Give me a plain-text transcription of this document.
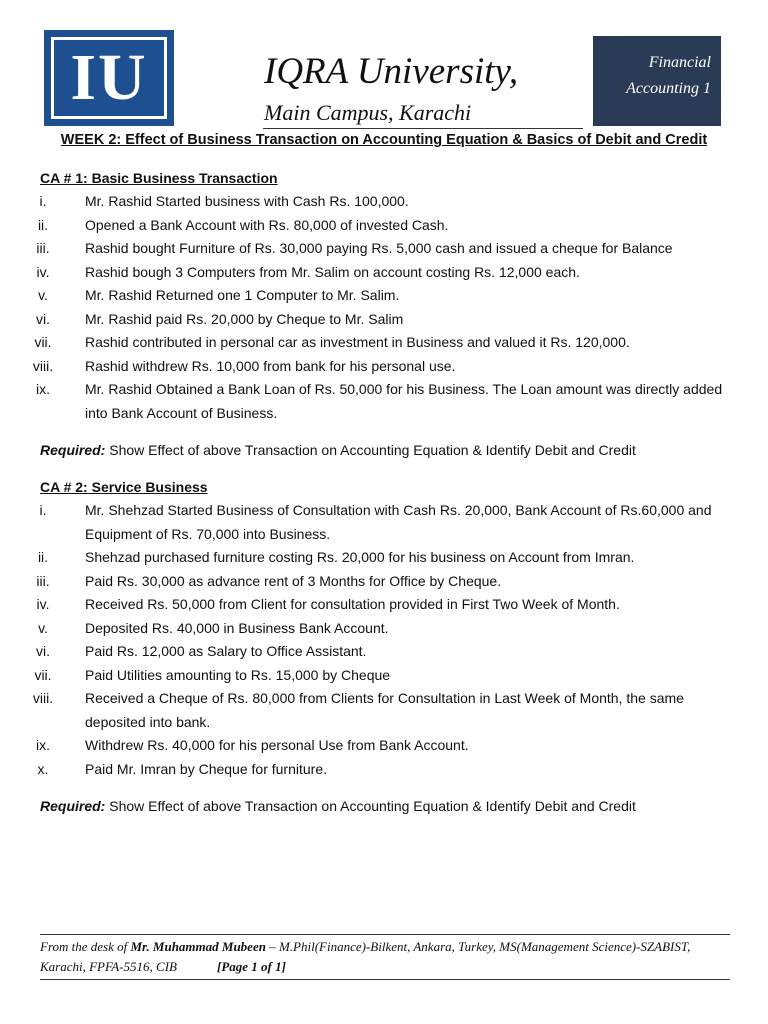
IU	IQRA University,
Main Campus, Karachi
Financial
Accounting 1
WEEK 2: Effect of Business Transaction on Accounting Equation & Basics of Debit and Credit
CA # 1: Basic Business Transaction
i.	Mr. Rashid Started business with Cash Rs. 100,000.
ii.	Opened a Bank Account with Rs. 80,000 of invested Cash.
iii.	Rashid bought Furniture of Rs. 30,000 paying Rs. 5,000 cash and issued a cheque for Balance
iv.	Rashid bough 3 Computers from Mr. Salim on account costing Rs. 12,000 each.
v.	Mr. Rashid Returned one 1 Computer to Mr. Salim.
vi.	Mr. Rashid paid Rs. 20,000 by Cheque to Mr. Salim
vii.	Rashid contributed in personal car as investment in Business and valued it Rs. 120,000.
viii.	Rashid withdrew Rs. 10,000 from bank for his personal use.
ix.	Mr. Rashid Obtained a Bank Loan of Rs. 50,000 for his Business. The Loan amount was directly added into Bank Account of Business.
Required: Show Effect of above Transaction on Accounting Equation & Identify Debit and Credit
CA # 2: Service Business
i.	Mr. Shehzad Started Business of Consultation with Cash Rs. 20,000, Bank Account of Rs.60,000 and Equipment of Rs. 70,000 into Business.
ii.	Shehzad purchased furniture costing Rs. 20,000 for his business on Account from Imran.
iii.	Paid Rs. 30,000 as advance rent of 3 Months for Office by Cheque.
iv.	Received Rs. 50,000 from Client for consultation provided in First Two Week of Month.
v.	Deposited Rs. 40,000 in Business Bank Account.
vi.	Paid Rs. 12,000 as Salary to Office Assistant.
vii.	Paid Utilities amounting to Rs. 15,000 by Cheque
viii.	Received a Cheque of Rs. 80,000 from Clients for Consultation in Last Week of Month, the same deposited into bank.
ix.	Withdrew Rs. 40,000 for his personal Use from Bank Account.
x.	Paid Mr. Imran by Cheque for furniture.
Required: Show Effect of above Transaction on Accounting Equation & Identify Debit and Credit
From the desk of Mr. Muhammad Mubeen – M.Phil(Finance)-Bilkent, Ankara, Turkey, MS(Management Science)-SZABIST, Karachi, FPFA-5516, CIB	[Page 1 of 1]
